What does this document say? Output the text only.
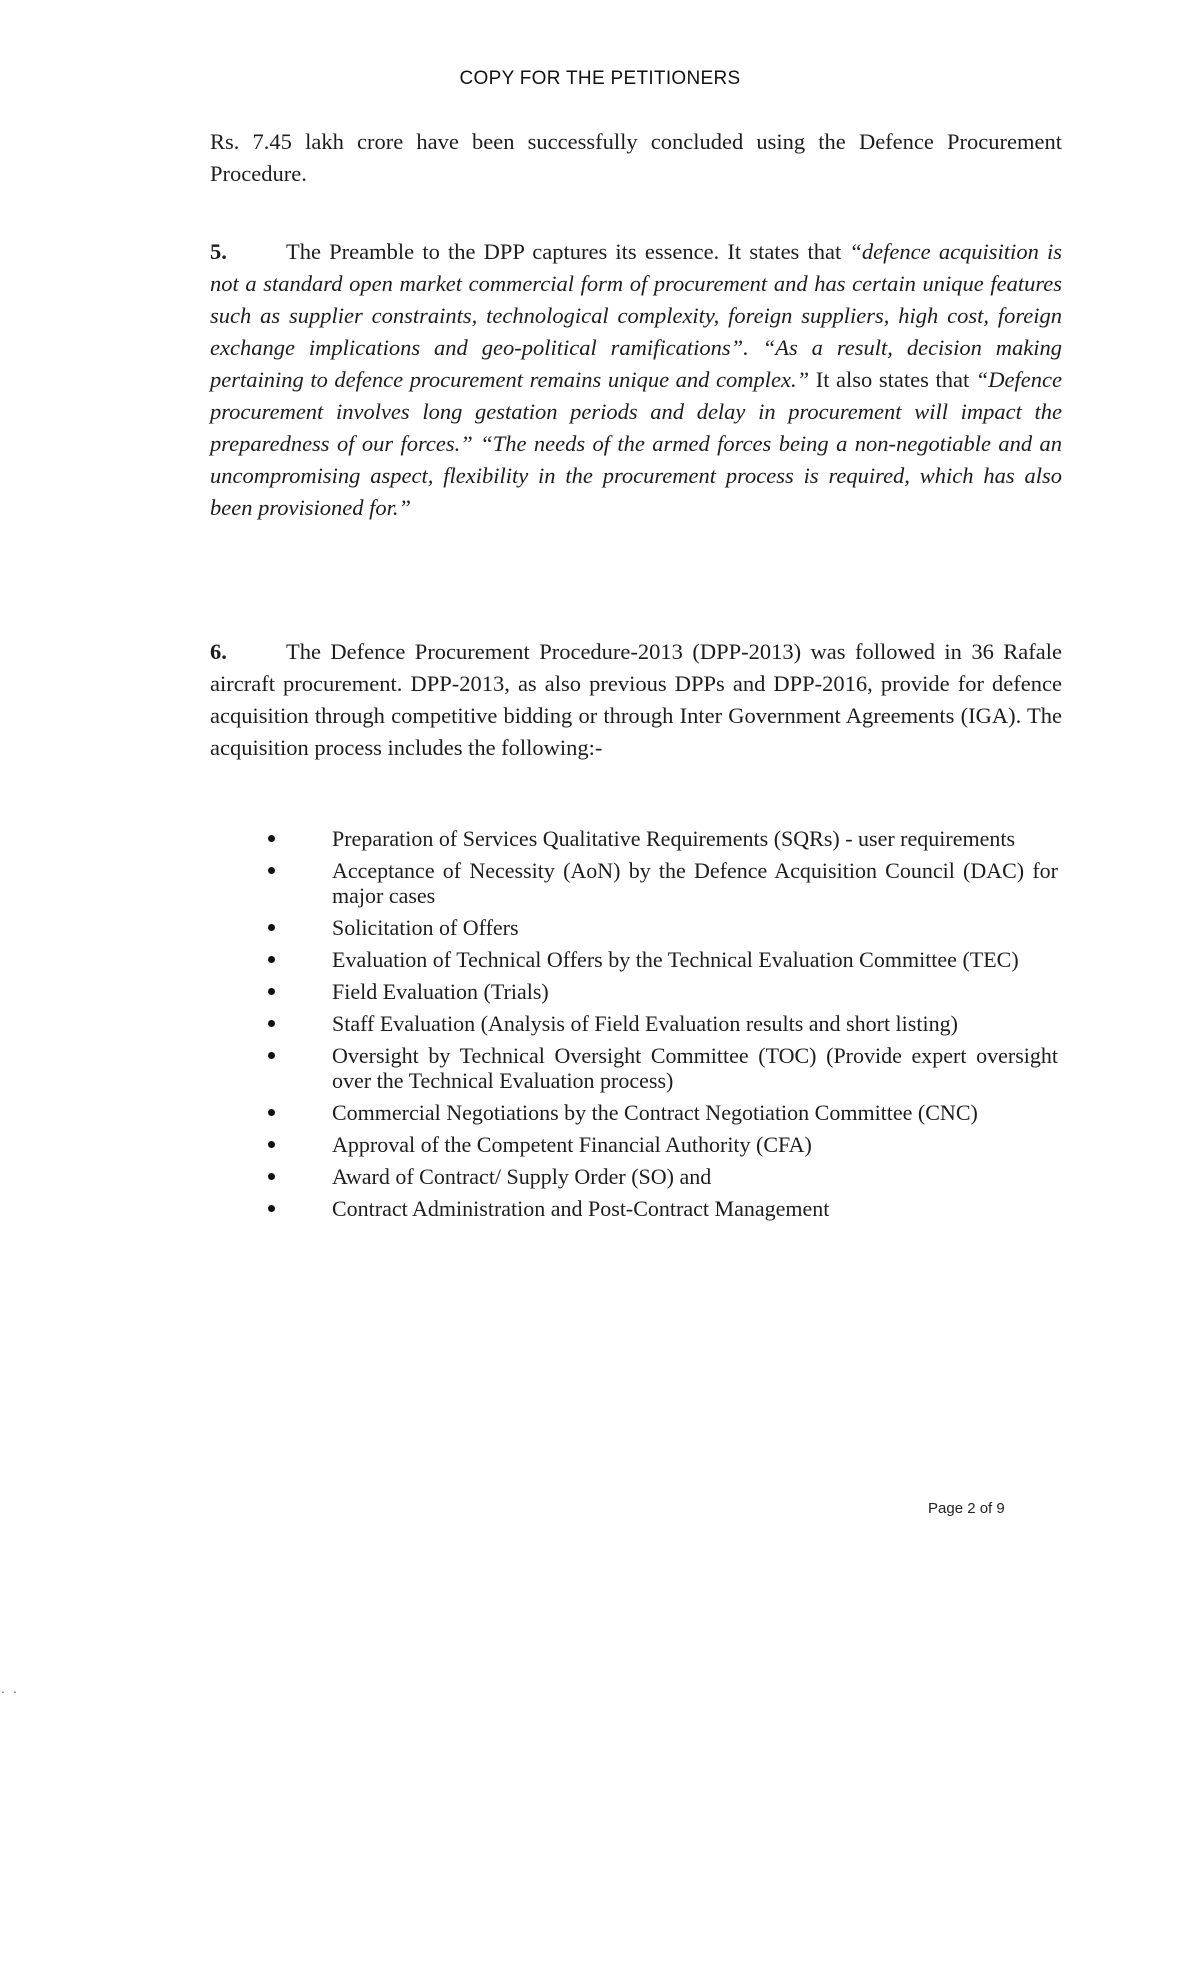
COPY FOR THE PETITIONERS
Rs. 7.45 lakh crore have been successfully concluded using the Defence Procurement Procedure.
5.	The Preamble to the DPP captures its essence. It states that “defence acquisition is not a standard open market commercial form of procurement and has certain unique features such as supplier constraints, technological complexity, foreign suppliers, high cost, foreign exchange implications and geo-political ramifications”. “As a result, decision making pertaining to defence procurement remains unique and complex.” It also states that “Defence procurement involves long gestation periods and delay in procurement will impact the preparedness of our forces.” “The needs of the armed forces being a non-negotiable and an uncompromising aspect, flexibility in the procurement process is required, which has also been provisioned for.”
6.	The Defence Procurement Procedure-2013 (DPP-2013) was followed in 36 Rafale aircraft procurement. DPP-2013, as also previous DPPs and DPP-2016, provide for defence acquisition through competitive bidding or through Inter Government Agreements (IGA). The acquisition process includes the following:-
Preparation of Services Qualitative Requirements (SQRs) - user requirements
Acceptance of Necessity (AoN) by the Defence Acquisition Council (DAC) for major cases
Solicitation of Offers
Evaluation of Technical Offers by the Technical Evaluation Committee (TEC)
Field Evaluation (Trials)
Staff Evaluation (Analysis of Field Evaluation results and short listing)
Oversight by Technical Oversight Committee (TOC) (Provide expert oversight over the Technical Evaluation process)
Commercial Negotiations by the Contract Negotiation Committee (CNC)
Approval of the Competent Financial Authority (CFA)
Award of Contract/ Supply Order (SO) and
Contract Administration and Post-Contract Management
Page 2 of 9
. .
